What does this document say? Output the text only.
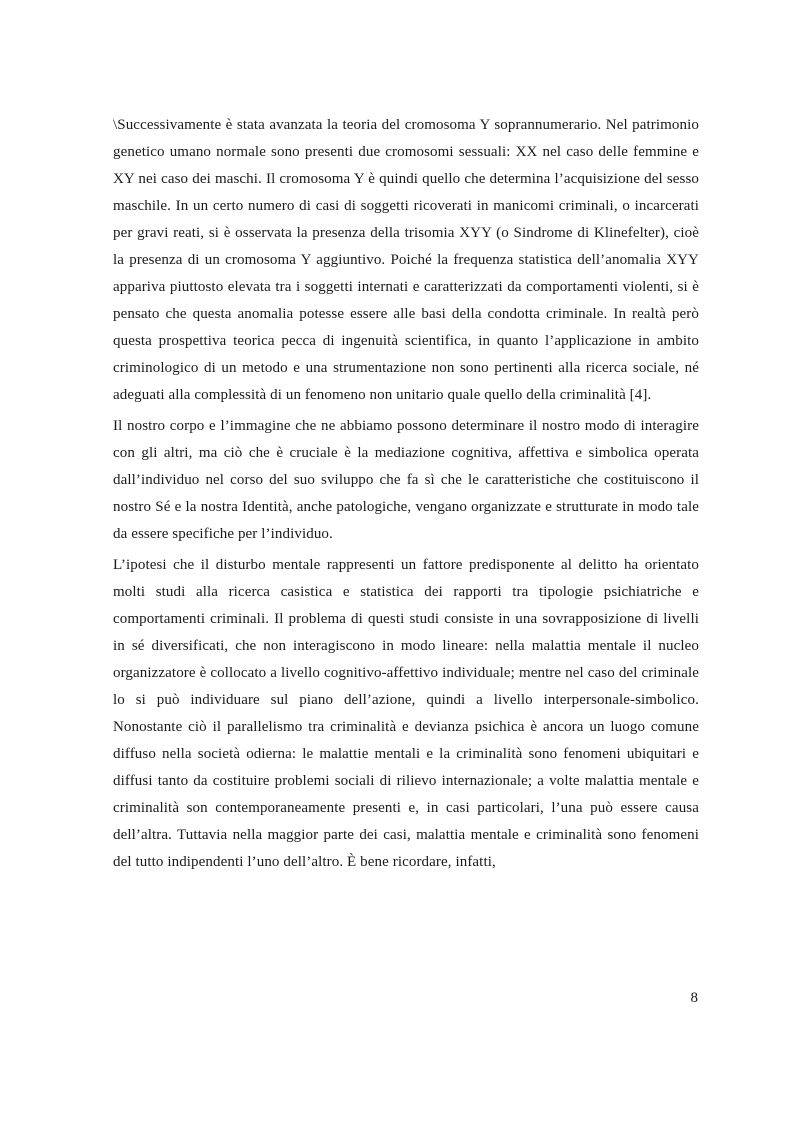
\Successivamente è stata avanzata la teoria del cromosoma Y soprannumerario. Nel patrimonio genetico umano normale sono presenti due cromosomi sessuali: XX nel caso delle femmine e XY nei caso dei maschi. Il cromosoma Y è quindi quello che determina l’acquisizione del sesso maschile. In un certo numero di casi di soggetti ricoverati in manicomi criminali, o incarcerati per gravi reati, si è osservata la presenza della trisomia XYY (o Sindrome di Klinefelter), cioè la presenza di un cromosoma Y aggiuntivo. Poiché la frequenza statistica dell’anomalia XYY appariva piuttosto elevata tra i soggetti internati e caratterizzati da comportamenti violenti, si è pensato che questa anomalia potesse essere alle basi della condotta criminale. In realtà però questa prospettiva teorica pecca di ingenuità scientifica, in quanto l’applicazione in ambito criminologico di un metodo e una strumentazione non sono pertinenti alla ricerca sociale, né adeguati alla complessità di un fenomeno non unitario quale quello della criminalità [4].

Il nostro corpo e l’immagine che ne abbiamo possono determinare il nostro modo di interagire con gli altri, ma ciò che è cruciale è la mediazione cognitiva, affettiva e simbolica operata dall’individuo nel corso del suo sviluppo che fa sì che le caratteristiche che costituiscono il nostro Sé e la nostra Identità, anche patologiche, vengano organizzate e strutturate in modo tale da essere specifiche per l’individuo.

L’ipotesi che il disturbo mentale rappresenti un fattore predisponente al delitto ha orientato molti studi alla ricerca casistica e statistica dei rapporti tra tipologie psichiatriche e comportamenti criminali. Il problema di questi studi consiste in una sovrapposizione di livelli in sé diversificati, che non interagiscono in modo lineare: nella malattia mentale il nucleo organizzatore è collocato a livello cognitivo-affettivo individuale; mentre nel caso del criminale lo si può individuare sul piano dell’azione, quindi a livello interpersonale-simbolico. Nonostante ciò il parallelismo tra criminalità e devianza psichica è ancora un luogo comune diffuso nella società odierna: le malattie mentali e la criminalità sono fenomeni ubiquitari e diffusi tanto da costituire problemi sociali di rilievo internazionale; a volte malattia mentale e criminalità son contemporaneamente presenti e, in casi particolari, l’una può essere causa dell’altra. Tuttavia nella maggior parte dei casi, malattia mentale e criminalità sono fenomeni del tutto indipendenti l’uno dell’altro. È bene ricordare, infatti,

8
